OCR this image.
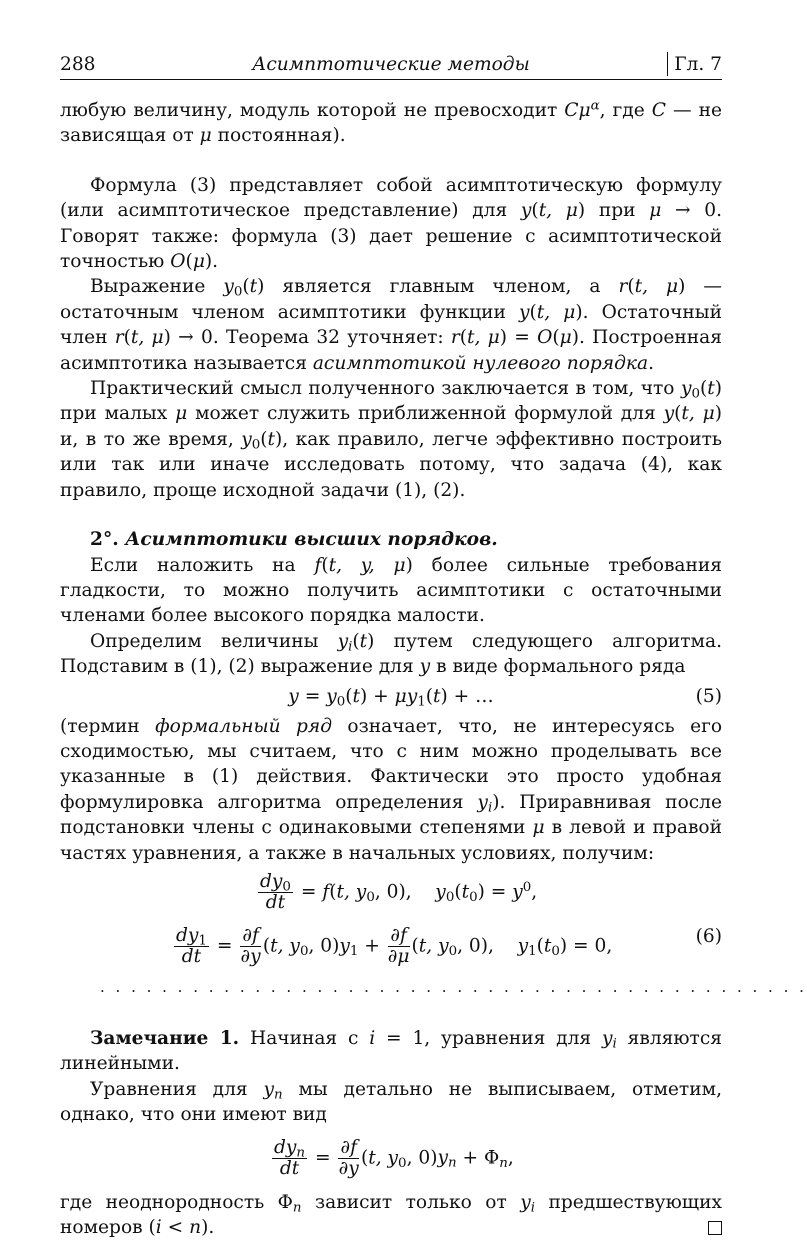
288	Асимптотические методы	Гл. 7

любую величину, модуль которой не превосходит $C\mu^\alpha$, где C — не зависящая от μ постоянная).

Формула (3) представляет собой асимптотическую формулу (или асимптотическое представление) для y(t, μ) при μ → 0. Говорят также: формула (3) дает решение с асимптотической точностью O(μ).

Выражение $y_0(t)$ является главным членом, а r(t, μ) — остаточным членом асимптотики функции y(t, μ). Остаточный член r(t, μ) → 0. Теорема 32 уточняет: r(t, μ) = O(μ). Построенная асимптотика называется асимптотикой нулевого порядка.

Практический смысл полученного заключается в том, что $y_0(t)$ при малых μ может служить приближенной формулой для y(t, μ) и, в то же время, $y_0(t)$, как правило, легче эффективно построить или так или иначе исследовать потому, что задача (4), как правило, проще исходной задачи (1), (2).

2°. Асимптотики высших порядков.

Если наложить на f(t, y, μ) более сильные требования гладкости, то можно получить асимптотики с остаточными членами более высокого порядка малости.

Определим величины $y_i(t)$ путем следующего алгоритма. Подставим в (1), (2) выражение для y в виде формального ряда

$y = y_0(t) + \mu y_1(t)$ + …	(5)

(термин формальный ряд означает, что, не интересуясь его сходимостью, мы считаем, что с ним можно проделывать все указанные в (1) действия. Фактически это просто удобная формулировка алгоритма определения $y_i$). Приравнивая после подстановки члены с одинаковыми степенями μ в левой и правой частях уравнения, а также в начальных условиях, получим:

$\frac{dy_0}{dt} = f(t$, $y_0$, 0),    $y_0(t_0) = y^0$,
$\frac{dy_1}{dt} = \frac{\partial f}{\partial y} (t$, $y_0$, $0)y_1 + \frac{\partial f}{\partial\mu} (t$, $y_0$, 0),    $y_1(t_0) = 0$,	(6)
. . . . . . . . . . . . . . . . . . . . . . . . . . . . . . . . . . . . . . . . . . . . . .

Замечание 1. Начиная с i = 1, уравнения для $y_i$ являются линейными.

Уравнения для $y_n$ мы детально не выписываем, отметим, однако, что они имеют вид

$\frac{dy_n}{dt} = \frac{\partial f}{\partial y} (t$, $y_0$, $0)y_n + \Phi_n$,

где неоднородность $\Phi_n$ зависит только от $y_i$ предшествующих номеров (i < n).
